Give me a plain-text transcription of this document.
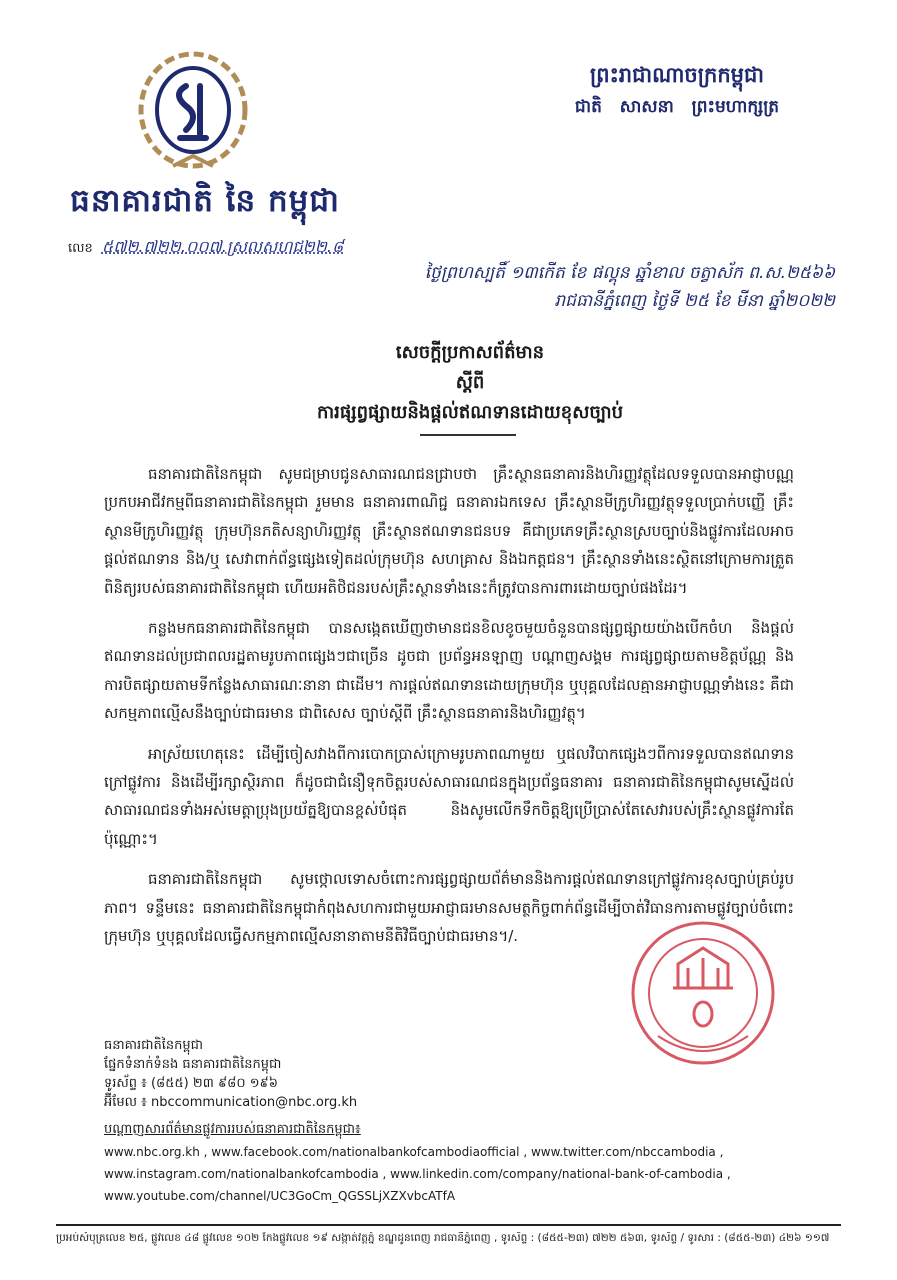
ធនាគារជាតិ នៃ កម្ពុជា
លេខ ៥៧២.៧២២.០០៧.ស្រលសហជ២២.៨
ព្រះរាជាណាចក្រកម្ពុជា
ជាតិ សាសនា ព្រះមហាក្សត្រ
ថ្ងៃព្រហស្បតិ៍ ១៣កើត ខែ ផល្គុន ឆ្នាំខាល ចត្វាស័ក ព.ស.២៥៦៦
រាជធានីភ្នំពេញ ថ្ងៃទី ២៥ ខែ មីនា ឆ្នាំ២០២២
សេចក្ដីប្រកាសព័ត៌មាន
ស្ដីពី
ការផ្សព្វផ្សាយនិងផ្ដល់ឥណទានដោយខុសច្បាប់

ធនាគារជាតិនៃកម្ពុជា សូមជម្រាបជូនសាធារណជនជ្រាបថា គ្រឹះស្ថានធនាគារនិងហិរញ្ញវត្ថុដែលទទួលបានអាជ្ញាបណ្ណប្រកបអាជីវកម្មពីធនាគារជាតិនៃកម្ពុជា រួមមាន ធនាគារពាណិជ្ជ ធនាគារឯកទេស គ្រឹះស្ថានមីក្រូហិរញ្ញវត្ថុទទួលប្រាក់បញ្ញើ គ្រឹះស្ថានមីក្រូហិរញ្ញវត្ថុ ក្រុមហ៊ុនភតិសន្យាហិរញ្ញវត្ថុ គ្រឹះស្ថានឥណទានជនបទ គឺជាប្រភេទគ្រឹះស្ថានស្របច្បាប់និងផ្លូវការដែលអាចផ្ដល់ឥណទាន និង/ឬ សេវាពាក់ព័ន្ធផ្សេងទៀតដល់ក្រុមហ៊ុន សហគ្រាស និងឯកត្តជន។ គ្រឹះស្ថានទាំងនេះស្ថិតនៅក្រោមការត្រួតពិនិត្យរបស់ធនាគារជាតិនៃកម្ពុជា ហើយអតិថិជនរបស់គ្រឹះស្ថានទាំងនេះក៏ត្រូវបានការពារដោយច្បាប់ផងដែរ។

កន្លងមកធនាគារជាតិនៃកម្ពុជា បានសង្កេតឃើញថាមានជនខិលខូចមួយចំនួនបានផ្សព្វផ្សាយយ៉ាងបើកចំហ និងផ្ដល់ឥណទានដល់ប្រជាពលរដ្ឋតាមរូបភាពផ្សេងៗជាច្រើន ដូចជា ប្រព័ន្ធអនឡាញ បណ្ដាញសង្គម ការផ្សព្វផ្សាយតាមខិត្តប័ណ្ណ និងការបិតផ្សាយតាមទីកន្លែងសាធារណៈនានា ជាដើម។ ការផ្ដល់ឥណទានដោយក្រុមហ៊ុន ឬបុគ្គលដែលគ្មានអាជ្ញាបណ្ណទាំងនេះ គឺជាសកម្មភាពល្មើសនឹងច្បាប់ជាធរមាន ជាពិសេស ច្បាប់ស្ដីពី គ្រឹះស្ថានធនាគារនិងហិរញ្ញវត្ថុ។

អាស្រ័យហេតុនេះ ដើម្បីចៀសវាងពីការបោកប្រាស់ក្រោមរូបភាពណាមួយ ឬផលវិបាកផ្សេងៗពីការទទួលបានឥណទានក្រៅផ្លូវការ និងដើម្បីរក្សាស្ថិរភាព ក៏ដូចជាជំនឿទុកចិត្តរបស់សាធារណជនក្នុងប្រព័ន្ធធនាគារ ធនាគារជាតិនៃកម្ពុជាសូមស្នើដល់សាធារណជនទាំងអស់មេត្តាប្រុងប្រយ័ត្នឱ្យបានខ្ពស់បំផុត និងសូមលើកទឹកចិត្តឱ្យប្រើប្រាស់តែសេវារបស់គ្រឹះស្ថានផ្លូវការតែប៉ុណ្ណោះ។

ធនាគារជាតិនៃកម្ពុជា សូមថ្កោលទោសចំពោះការផ្សព្វផ្សាយព័ត៌មាននិងការផ្ដល់ឥណទានក្រៅផ្លូវការខុសច្បាប់គ្រប់រូបភាព។ ទន្ទឹមនេះ ធនាគារជាតិនៃកម្ពុជាកំពុងសហការជាមួយអាជ្ញាធរមានសមត្ថកិច្ចពាក់ព័ន្ធដើម្បីចាត់វិធានការតាមផ្លូវច្បាប់ចំពោះក្រុមហ៊ុន ឬបុគ្គលដែលធ្វើសកម្មភាពល្មើសនានាតាមនីតិវិធីច្បាប់ជាធរមាន។/.

ធនាគារជាតិនៃកម្ពុជា
ផ្នែកទំនាក់ទំនង ធនាគារជាតិនៃកម្ពុជា
ទូរស័ព្ទ ៖ (៨៥៥) ២៣ ៩៨០ ១៩៦
អ៊ីមែល ៖ nbccommunication@nbc.org.kh
បណ្ដាញសារព័ត៌មានផ្លូវការរបស់ធនាគារជាតិនៃកម្ពុជា៖
www.nbc.org.kh , www.facebook.com/nationalbankofcambodiaofficial , www.twitter.com/nbccambodia ,
www.instagram.com/nationalbankofcambodia , www.linkedin.com/company/national-bank-of-cambodia ,
www.youtube.com/channel/UC3GoCm_QGSSLjXZXvbcATfA
ប្រអប់សំបុត្រលេខ ២៥, ផ្លូវលេខ ៤៨ ផ្លូវលេខ ១០២ កែងផ្លូវលេខ ១៩ សង្កាត់វត្តភ្នំ ខណ្ឌដូនពេញ រាជធានីភ្នំពេញ , ទូរស័ព្ទ : (៨៥៥-២៣) ៧២២ ៥៦៣, ទូរស័ព្ទ / ទូរសារ : (៨៥៥-២៣) ៤២៦ ១១៧
